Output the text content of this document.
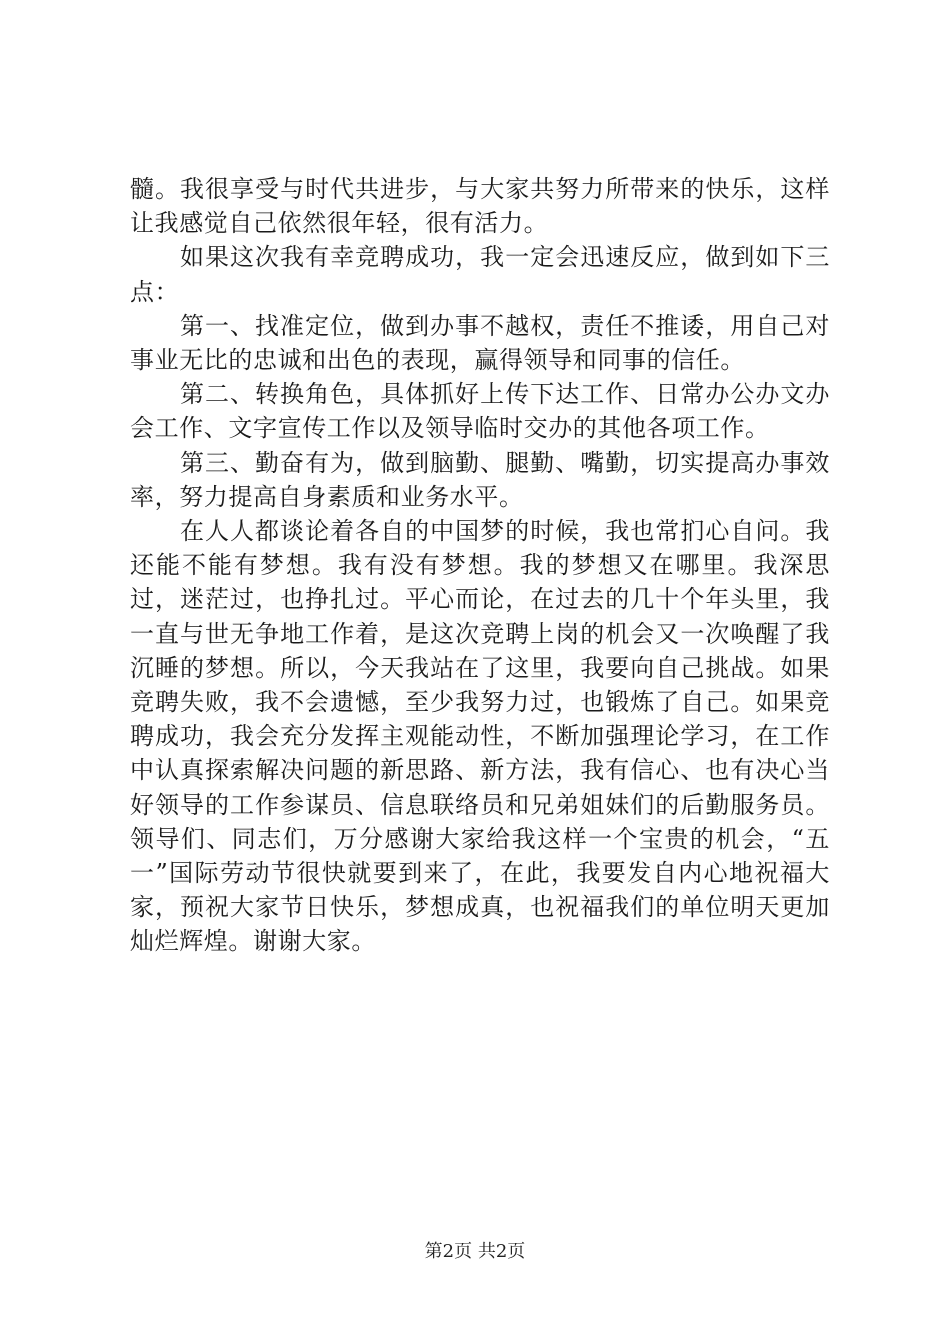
髓。我很享受与时代共进步，与大家共努力所带来的快乐，这样让我感觉自己依然很年轻，很有活力。

如果这次我有幸竞聘成功，我一定会迅速反应，做到如下三点：

第一、找准定位，做到办事不越权，责任不推诿，用自己对事业无比的忠诚和出色的表现，赢得领导和同事的信任。

第二、转换角色，具体抓好上传下达工作、日常办公办文办会工作、文字宣传工作以及领导临时交办的其他各项工作。

第三、勤奋有为，做到脑勤、腿勤、嘴勤，切实提高办事效率，努力提高自身素质和业务水平。

在人人都谈论着各自的中国梦的时候，我也常扪心自问。我还能不能有梦想。我有没有梦想。我的梦想又在哪里。我深思过，迷茫过，也挣扎过。平心而论，在过去的几十个年头里，我一直与世无争地工作着，是这次竞聘上岗的机会又一次唤醒了我沉睡的梦想。所以，今天我站在了这里，我要向自己挑战。如果竞聘失败，我不会遗憾，至少我努力过，也锻炼了自己。如果竞聘成功，我会充分发挥主观能动性，不断加强理论学习，在工作中认真探索解决问题的新思路、新方法，我有信心、也有决心当好领导的工作参谋员、信息联络员和兄弟姐妹们的后勤服务员。领导们、同志们，万分感谢大家给我这样一个宝贵的机会，“五一”国际劳动节很快就要到来了，在此，我要发自内心地祝福大家，预祝大家节日快乐，梦想成真，也祝福我们的单位明天更加灿烂辉煌。谢谢大家。

第2页 共2页
